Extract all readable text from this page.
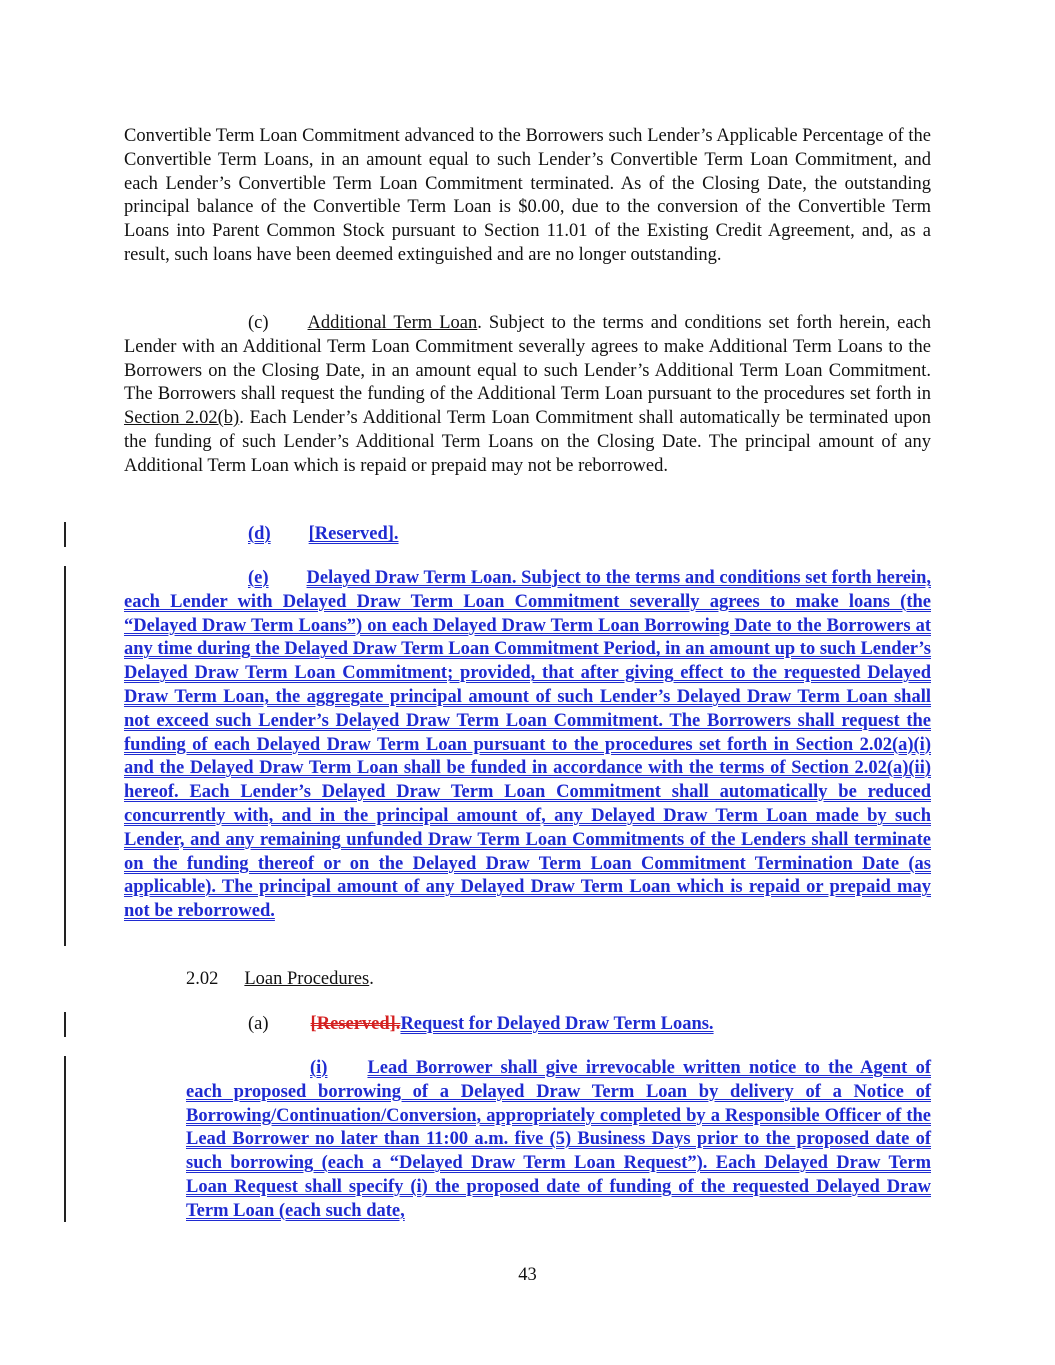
Convertible Term Loan Commitment advanced to the Borrowers such Lender’s Applicable Percentage of the Convertible Term Loans, in an amount equal to such Lender’s Convertible Term Loan Commitment, and each Lender’s Convertible Term Loan Commitment terminated. As of the Closing Date, the outstanding principal balance of the Convertible Term Loan is $0.00, due to the conversion of the Convertible Term Loans into Parent Common Stock pursuant to Section 11.01 of the Existing Credit Agreement, and, as a result, such loans have been deemed extinguished and are no longer outstanding.
(c) Additional Term Loan. Subject to the terms and conditions set forth herein, each Lender with an Additional Term Loan Commitment severally agrees to make Additional Term Loans to the Borrowers on the Closing Date, in an amount equal to such Lender’s Additional Term Loan Commitment. The Borrowers shall request the funding of the Additional Term Loan pursuant to the procedures set forth in Section 2.02(b). Each Lender’s Additional Term Loan Commitment shall automatically be terminated upon the funding of such Lender’s Additional Term Loans on the Closing Date. The principal amount of any Additional Term Loan which is repaid or prepaid may not be reborrowed.
(d) [Reserved].
(e) Delayed Draw Term Loan. Subject to the terms and conditions set forth herein, each Lender with Delayed Draw Term Loan Commitment severally agrees to make loans (the “Delayed Draw Term Loans”) on each Delayed Draw Term Loan Borrowing Date to the Borrowers at any time during the Delayed Draw Term Loan Commitment Period, in an amount up to such Lender’s Delayed Draw Term Loan Commitment; provided, that after giving effect to the requested Delayed Draw Term Loan, the aggregate principal amount of such Lender’s Delayed Draw Term Loan shall not exceed such Lender’s Delayed Draw Term Loan Commitment. The Borrowers shall request the funding of each Delayed Draw Term Loan pursuant to the procedures set forth in Section 2.02(a)(i) and the Delayed Draw Term Loan shall be funded in accordance with the terms of Section 2.02(a)(ii) hereof. Each Lender’s Delayed Draw Term Loan Commitment shall automatically be reduced concurrently with, and in the principal amount of, any Delayed Draw Term Loan made by such Lender, and any remaining unfunded Draw Term Loan Commitments of the Lenders shall terminate on the funding thereof or on the Delayed Draw Term Loan Commitment Termination Date (as applicable). The principal amount of any Delayed Draw Term Loan which is repaid or prepaid may not be reborrowed.
2.02 Loan Procedures.
(a) [Reserved].Request for Delayed Draw Term Loans.
(i) Lead Borrower shall give irrevocable written notice to the Agent of each proposed borrowing of a Delayed Draw Term Loan by delivery of a Notice of Borrowing/Continuation/Conversion, appropriately completed by a Responsible Officer of the Lead Borrower no later than 11:00 a.m. five (5) Business Days prior to the proposed date of such borrowing (each a “Delayed Draw Term Loan Request”). Each Delayed Draw Term Loan Request shall specify (i) the proposed date of funding of the requested Delayed Draw Term Loan (each such date,
43
